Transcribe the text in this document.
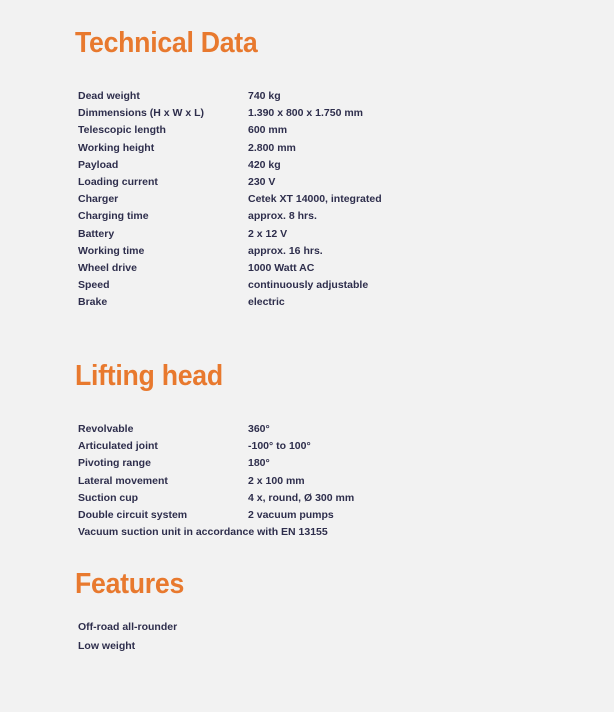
Technical Data
Dead weight	740 kg
Dimmensions (H x W x L)	1.390 x 800 x 1.750 mm
Telescopic length	600 mm
Working height	2.800 mm
Payload	420 kg
Loading current	230 V
Charger	Cetek XT 14000, integrated
Charging time	approx. 8 hrs.
Battery	2 x 12 V
Working time	approx. 16 hrs.
Wheel drive	1000 Watt AC
Speed	continuously adjustable
Brake	electric
Lifting head
Revolvable	360°
Articulated joint	-100° to 100°
Pivoting range	180°
Lateral movement	2 x 100 mm
Suction cup	4 x, round, Ø 300 mm
Double circuit system	2 vacuum pumps
Vacuum suction unit in accordance with EN 13155
Features
Off-road all-rounder
Low weight
